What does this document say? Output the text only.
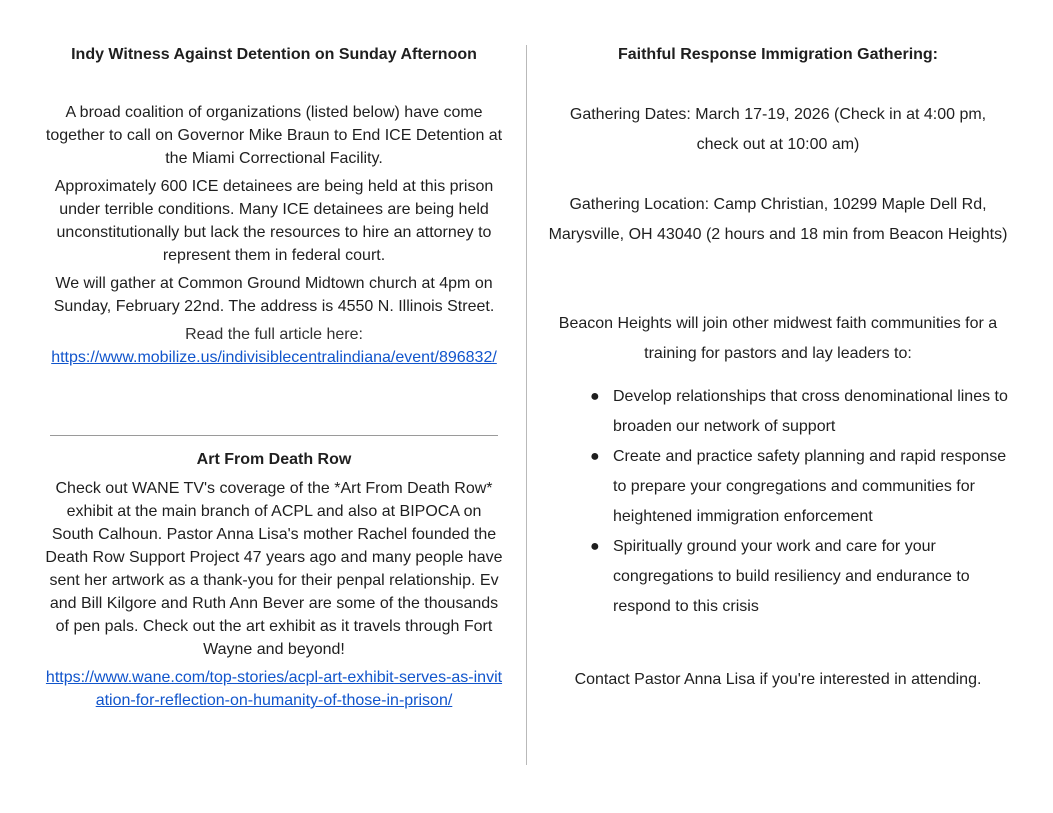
Indy Witness Against Detention on Sunday Afternoon

A broad coalition of organizations (listed below) have come together to call on Governor Mike Braun to End ICE Detention at the Miami Correctional Facility.

Approximately 600 ICE detainees are being held at this prison under terrible conditions. Many ICE detainees are being held unconstitutionally but lack the resources to hire an attorney to represent them in federal court.

We will gather at Common Ground Midtown church at 4pm on Sunday, February 22nd. The address is 4550 N. Illinois Street.

Read the full article here:

https://www.mobilize.us/indivisiblecentralindiana/event/896832/
Art From Death Row

Check out WANE TV's coverage of the *Art From Death Row* exhibit at the main branch of ACPL and also at BIPOCA on South Calhoun. Pastor Anna Lisa's mother Rachel founded the Death Row Support Project 47 years ago and many people have sent her artwork as a thank-you for their penpal relationship. Ev and Bill Kilgore and Ruth Ann Bever are some of the thousands of pen pals. Check out the art exhibit as it travels through Fort Wayne and beyond!

https://www.wane.com/top-stories/acpl-art-exhibit-serves-as-invitation-for-reflection-on-humanity-of-those-in-prison/
Faithful Response Immigration Gathering:

Gathering Dates: March 17-19, 2026 (Check in at 4:00 pm, check out at 10:00 am)

Gathering Location: Camp Christian, 10299 Maple Dell Rd, Marysville, OH 43040 (2 hours and 18 min from Beacon Heights)

Beacon Heights will join other midwest faith communities for a training for pastors and lay leaders to:

● Develop relationships that cross denominational lines to broaden our network of support
● Create and practice safety planning and rapid response to prepare your congregations and communities for heightened immigration enforcement
● Spiritually ground your work and care for your congregations to build resiliency and endurance to respond to this crisis

Contact Pastor Anna Lisa if you're interested in attending.
